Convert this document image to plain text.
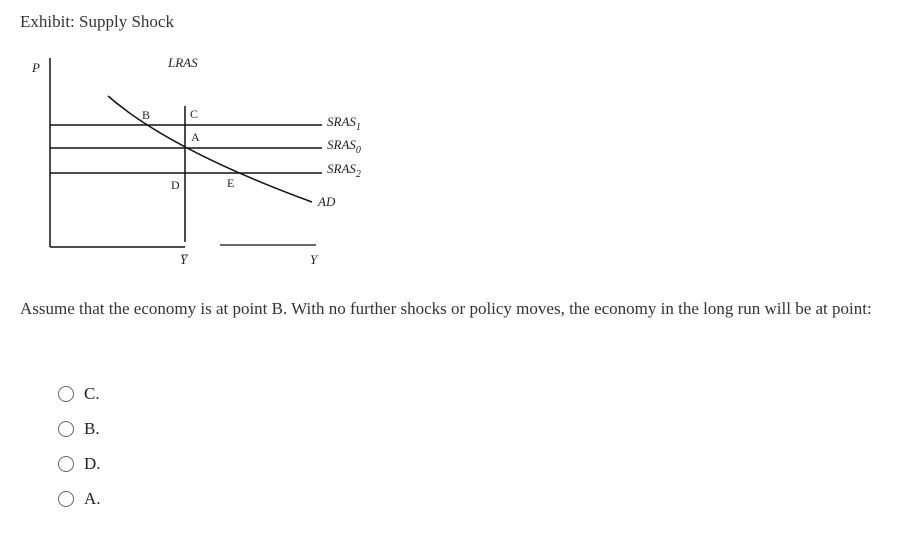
Exhibit: Supply Shock
P	LRAS
$SRAS_1$
$SRAS_0$
$SRAS_2$
AD
B	C
A
D	E
Y̅	Y
Assume that the economy is at point B. With no further shocks or policy moves, the economy in the long run will be at point:
C.
B.
D.
A.
